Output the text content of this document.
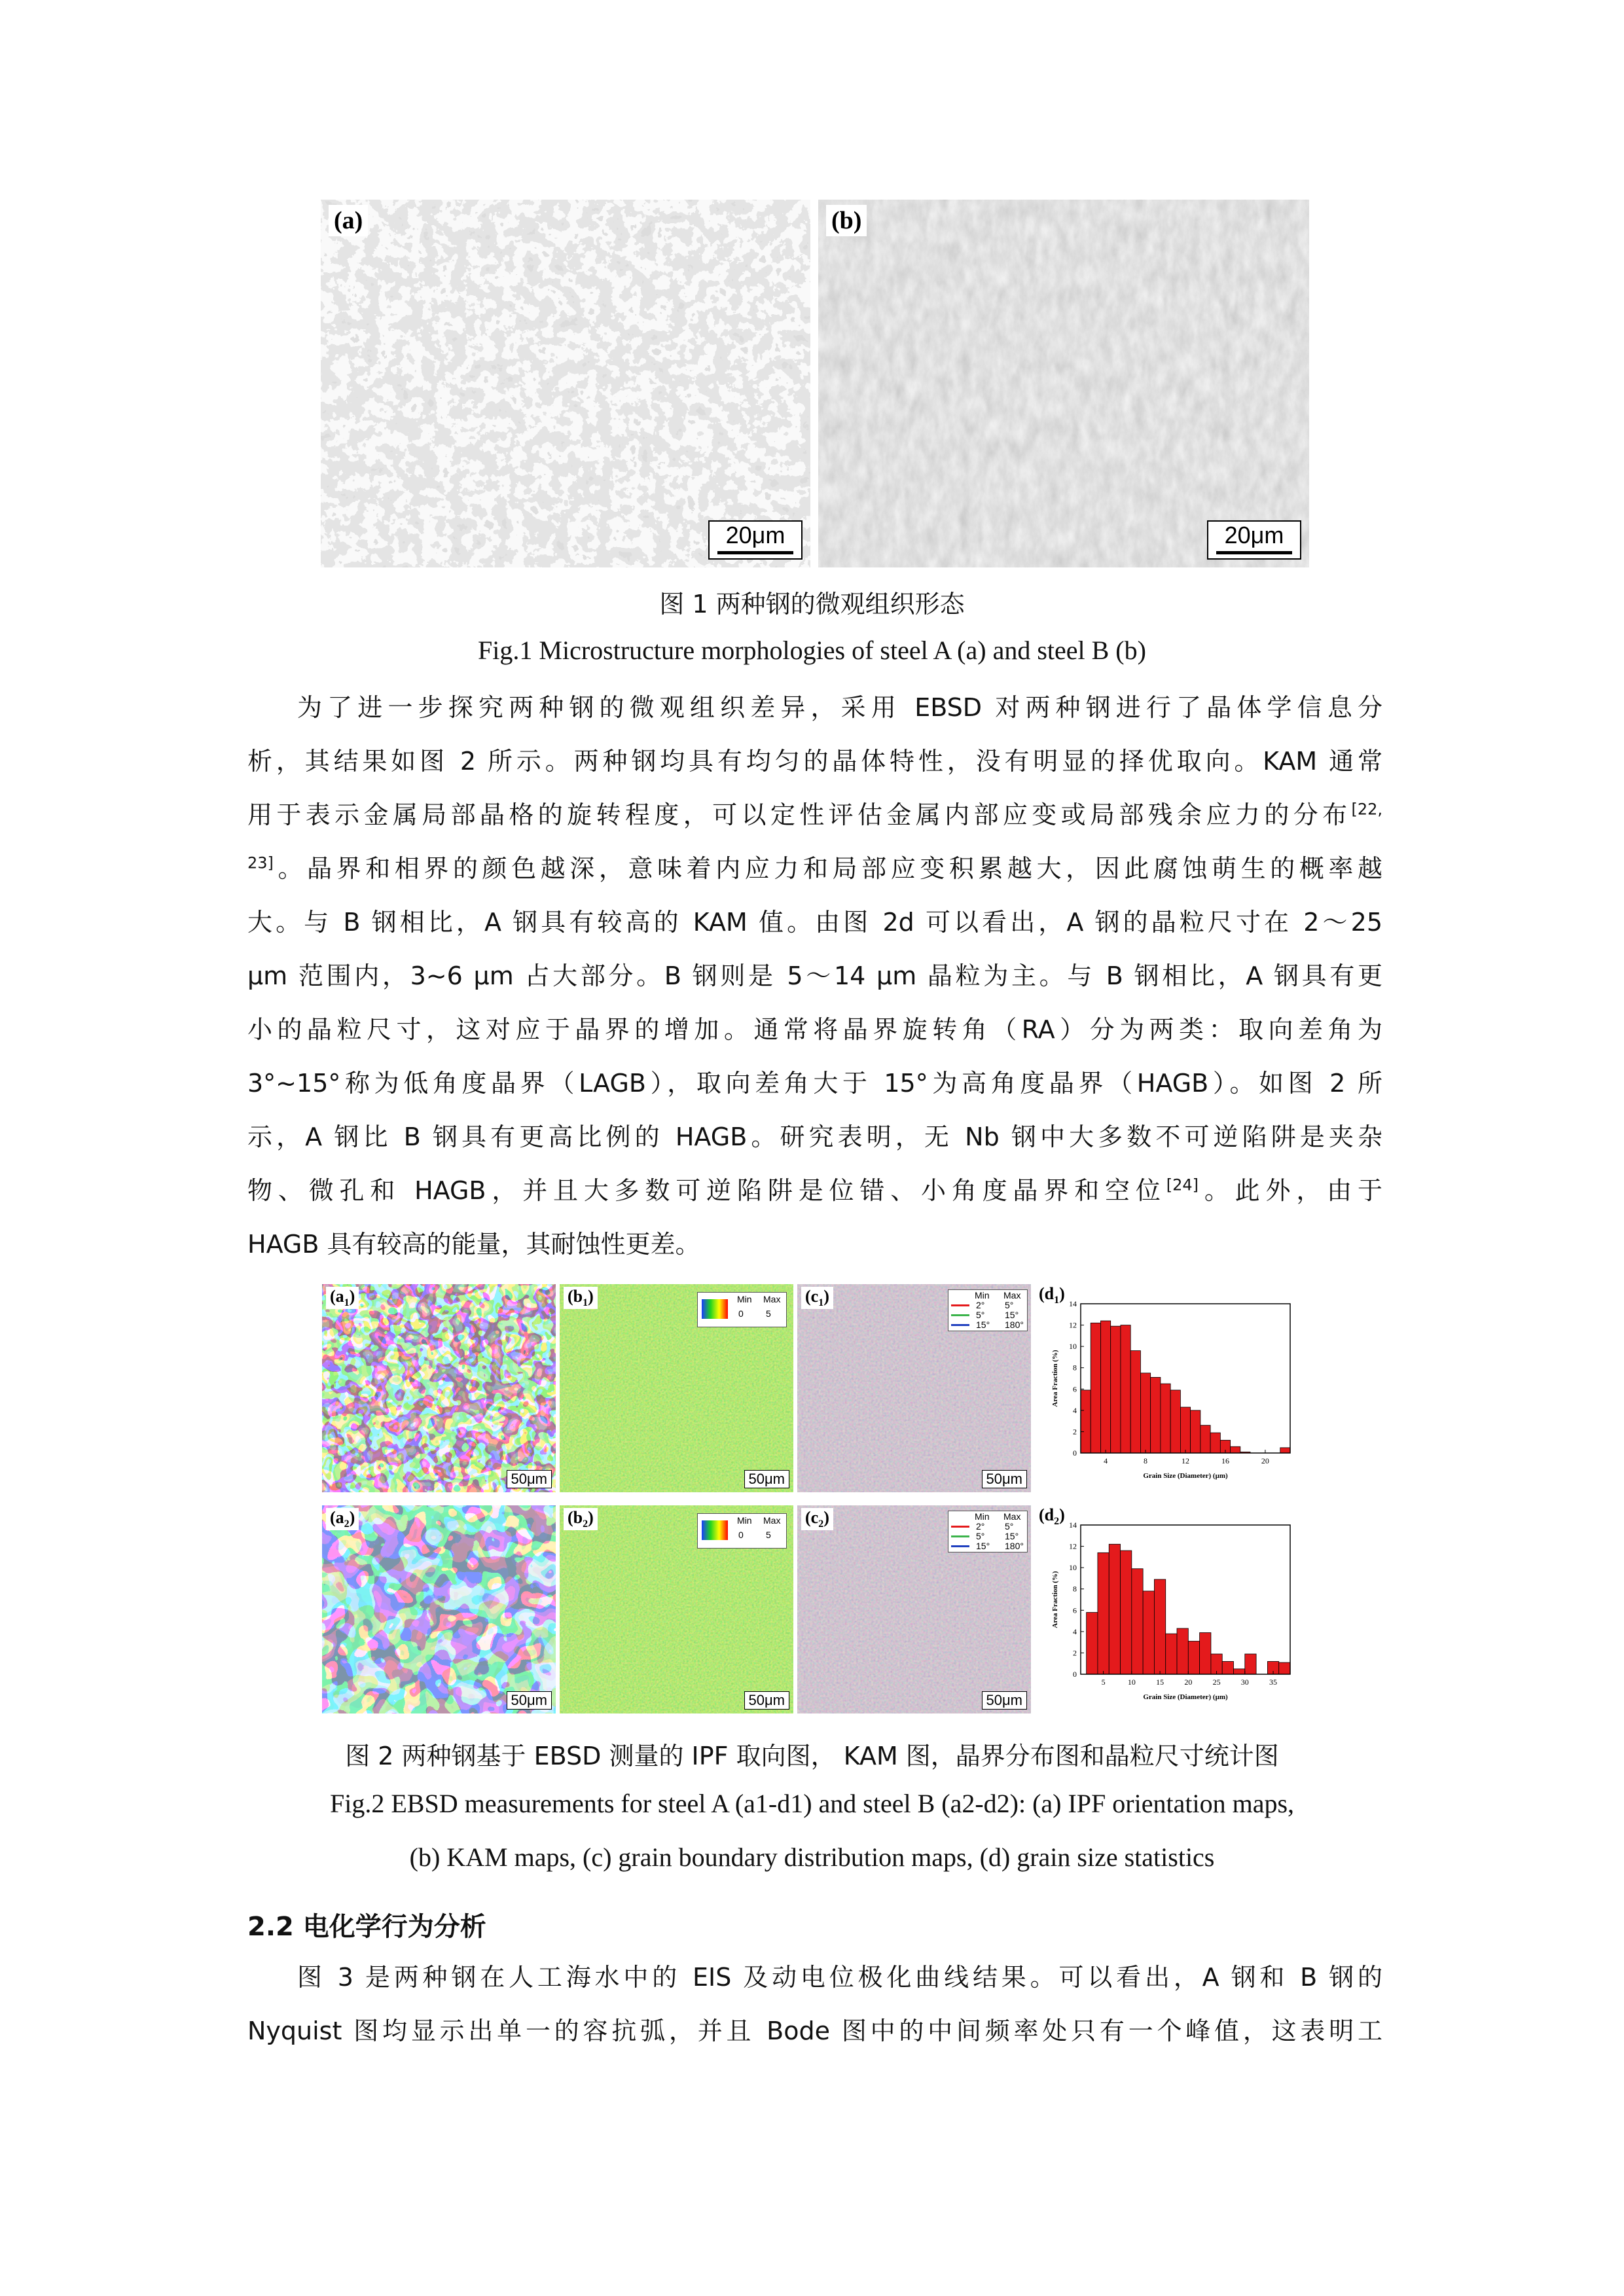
(a)
20μm
(b)
20μm
图 1 两种钢的微观组织形态
Fig.1 Microstructure morphologies of steel A (a) and steel B (b)
为了进一步探究两种钢的微观组织差异，采用 EBSD 对两种钢进行了晶体学信息分
析，其结果如图 2 所示。两种钢均具有均匀的晶体特性，没有明显的择优取向。KAM 通常
用于表示金属局部晶格的旋转程度，可以定性评估金属内部应变或局部残余应力的分布$^{[22,}$
$^{23]}$。晶界和相界的颜色越深，意味着内应力和局部应变积累越大，因此腐蚀萌生的概率越
大。与 B 钢相比，A 钢具有较高的 KAM 值。由图 2d 可以看出，A 钢的晶粒尺寸在 2～25
μm 范围内，3~6 μm 占大部分。B 钢则是 5～14 μm 晶粒为主。与 B 钢相比，A 钢具有更
小的晶粒尺寸，这对应于晶界的增加。通常将晶界旋转角（RA）分为两类：取向差角为
3°~15°称为低角度晶界（LAGB），取向差角大于 15°为高角度晶界（HAGB）。如图 2 所
示，A 钢比 B 钢具有更高比例的 HAGB。研究表明，无 Nb 钢中大多数不可逆陷阱是夹杂
物、微孔和 HAGB，并且大多数可逆陷阱是位错、小角度晶界和空位[24]。此外，由于
HAGB 具有较高的能量，其耐蚀性更差。
$(a_1)$
50μm
$(b_1)$	Min Max
0 5
50μm
$(c_1)$	Min Max
2° 5°
5° 15°
15° 180°
50μm
0
2
4
6
8
10
12
14
4	8	12	16	20
Grain Size (Diameter) (μm)
Area Fraction (%)
$(d_1)$
$(a_2)$
50μm
$(b_2)$	Min Max
0 5
50μm
$(c_2)$	Min Max
2° 5°
5° 15°
15° 180°
50μm
0
2
4
6
8
10
12
14
5	10	15	20	25	30	35
Grain Size (Diameter) (μm)
Area Fraction (%)
$(d_2)$
图 2 两种钢基于 EBSD 测量的 IPF 取向图， KAM 图，晶界分布图和晶粒尺寸统计图
Fig.2 EBSD measurements for steel A (a1-d1) and steel B (a2-d2): (a) IPF orientation maps,
(b) KAM maps, (c) grain boundary distribution maps, (d) grain size statistics
2.2 电化学行为分析
图 3 是两种钢在人工海水中的 EIS 及动电位极化曲线结果。可以看出，A 钢和 B 钢的
Nyquist 图均显示出单一的容抗弧，并且 Bode 图中的中间频率处只有一个峰值，这表明工
